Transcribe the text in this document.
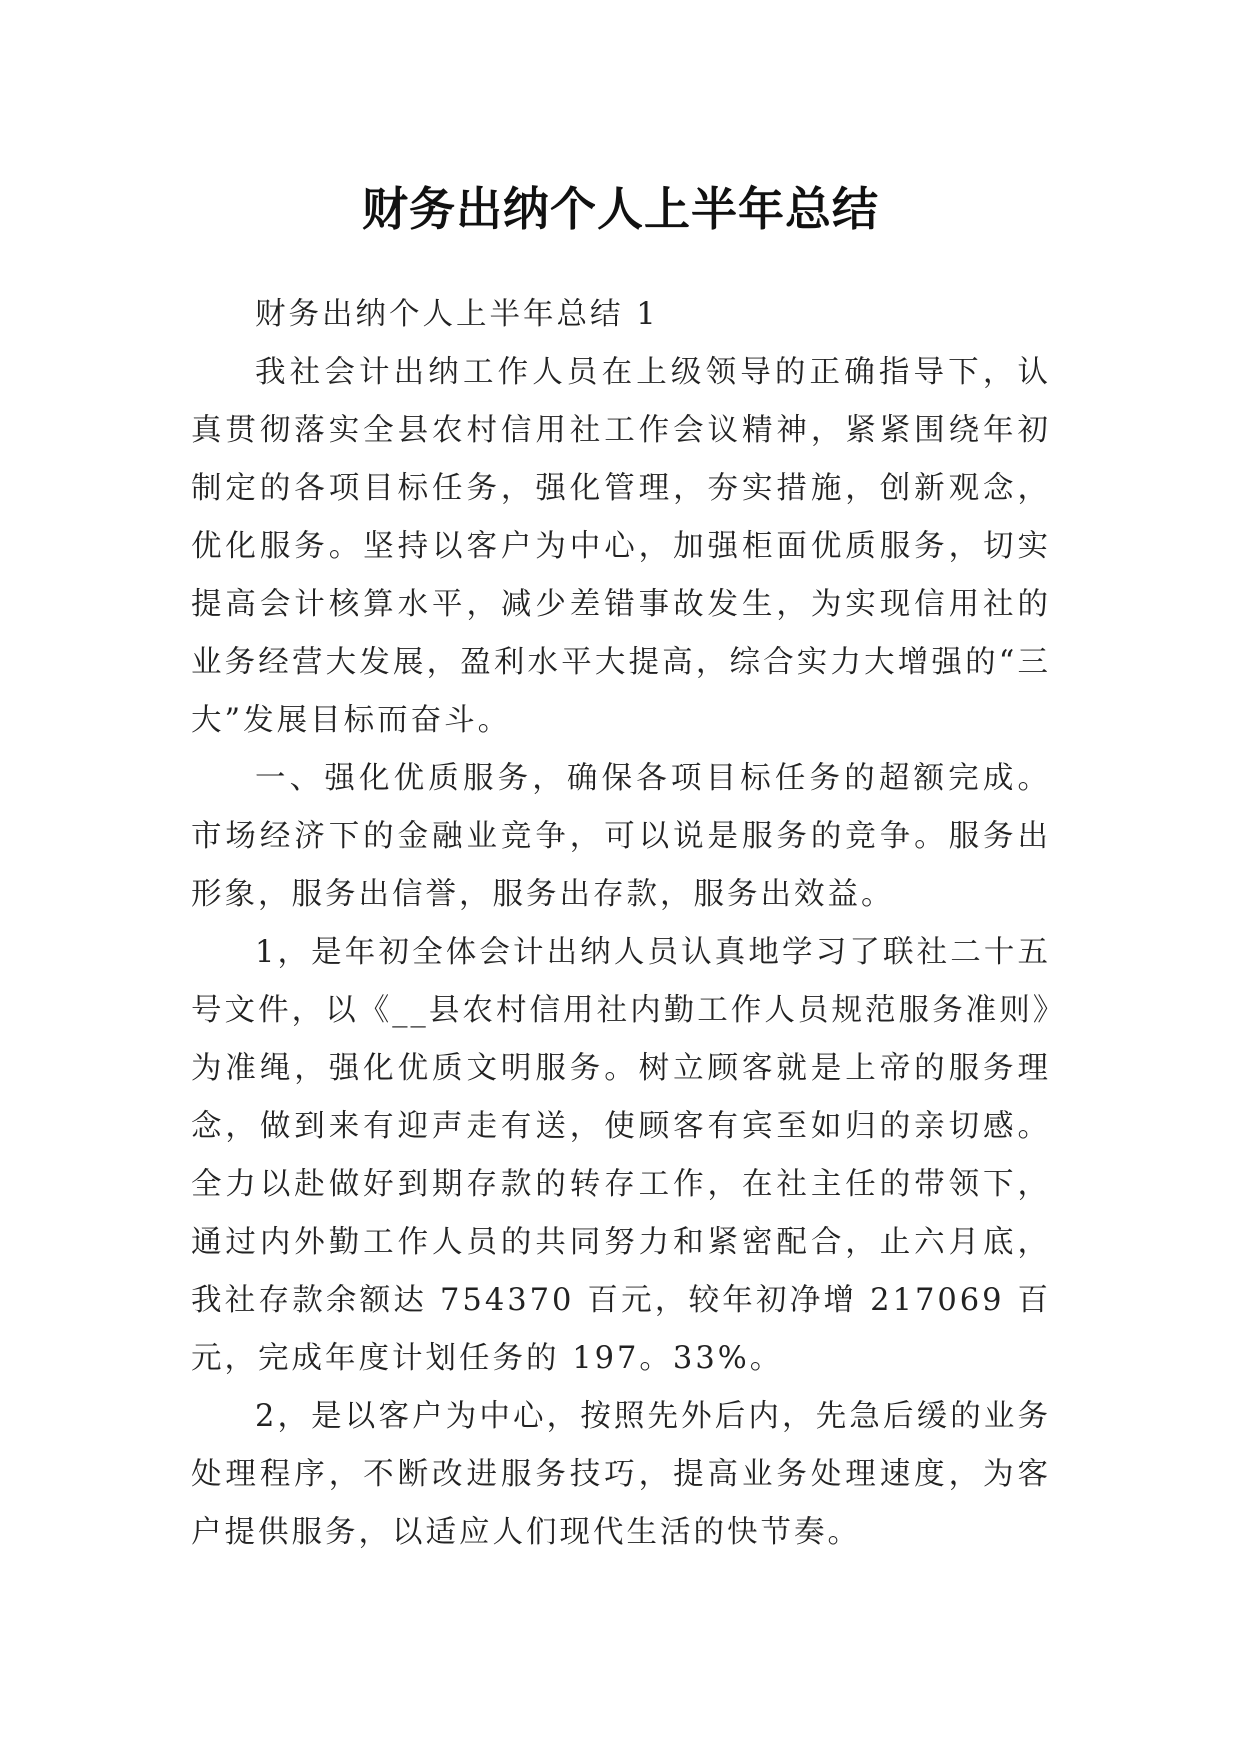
财务出纳个人上半年总结

财务出纳个人上半年总结 1

我社会计出纳工作人员在上级领导的正确指导下，认真贯彻落实全县农村信用社工作会议精神，紧紧围绕年初制定的各项目标任务，强化管理，夯实措施，创新观念，优化服务。坚持以客户为中心，加强柜面优质服务，切实提高会计核算水平，减少差错事故发生，为实现信用社的业务经营大发展，盈利水平大提高，综合实力大增强的“三大”发展目标而奋斗。

一、强化优质服务，确保各项目标任务的超额完成。市场经济下的金融业竞争，可以说是服务的竞争。服务出形象，服务出信誉，服务出存款，服务出效益。

1，是年初全体会计出纳人员认真地学习了联社二十五号文件，以《__县农村信用社内勤工作人员规范服务准则》为准绳，强化优质文明服务。树立顾客就是上帝的服务理念，做到来有迎声走有送，使顾客有宾至如归的亲切感。全力以赴做好到期存款的转存工作，在社主任的带领下，通过内外勤工作人员的共同努力和紧密配合，止六月底，我社存款余额达 754370 百元，较年初净增 217069 百元，完成年度计划任务的 197。33%。

2，是以客户为中心，按照先外后内，先急后缓的业务处理程序，不断改进服务技巧，提高业务处理速度，为客户提供服务，以适应人们现代生活的快节奏。
